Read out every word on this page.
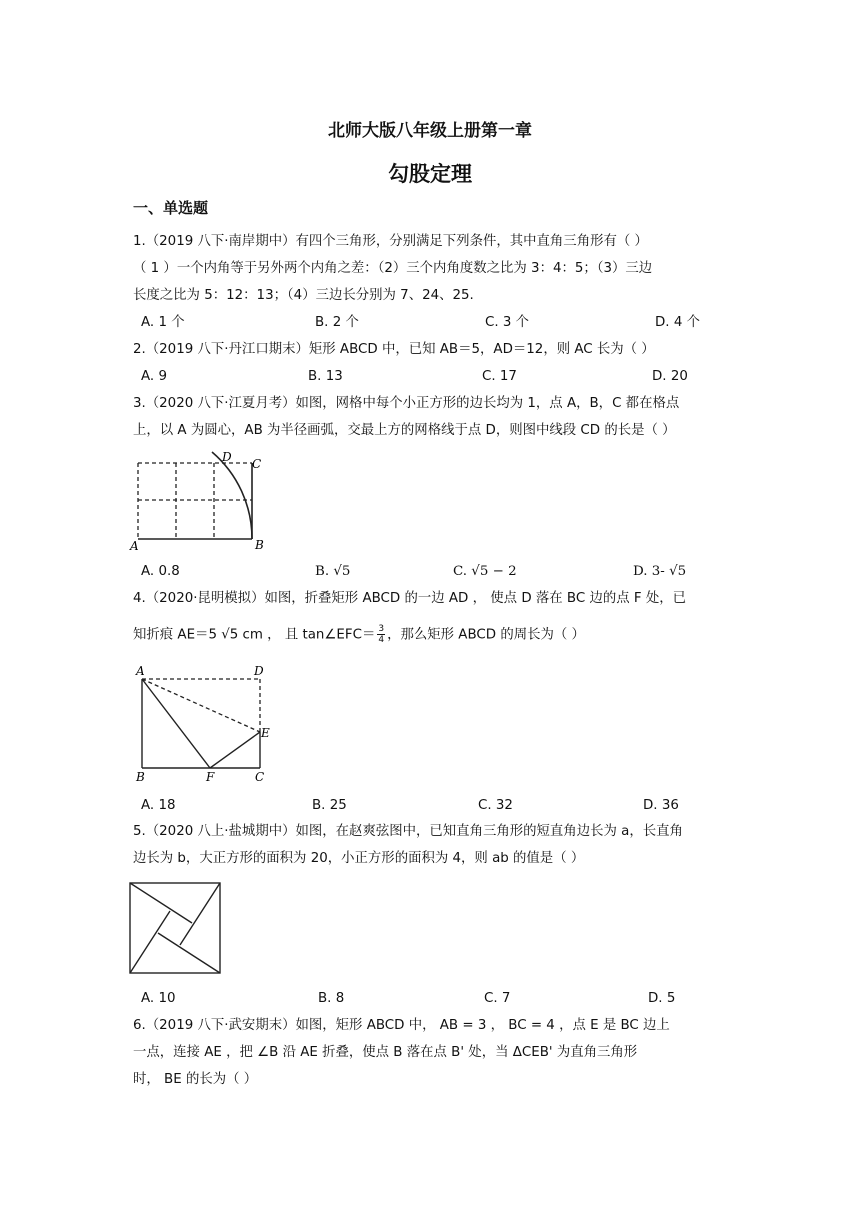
北师大版八年级上册第一章
勾股定理
一、单选题
1.（2019 八下·南岸期中）有四个三角形，分别满足下列条件，其中直角三角形有（ ）
（ 1 ）一个内角等于另外两个内角之差：（2）三个内角度数之比为 3：4：5；（3）三边
长度之比为 5：12：13；（4）三边长分别为 7、24、25.
A. 1 个	B. 2 个	C. 3 个	D. 4 个
2.（2019 八下·丹江口期末）矩形 ABCD 中，已知 AB＝5，AD＝12，则 AC 长为（ ）
A. 9	B. 13	C. 17	D. 20
3.（2020 八下·江夏月考）如图，网格中每个小正方形的边长均为 1，点 A，B，C 都在格点
上，以 A 为圆心，AB 为半径画弧，交最上方的网格线于点 D，则图中线段 CD 的长是（ ）
D C
A	B
A. 0.8	B. √5	C. √5 − 2	D. 3- √5
4.（2020·昆明模拟）如图，折叠矩形 ABCD 的一边 AD ， 使点 D 落在 BC 边的点 F 处，已
知折痕 AE＝5 √5 cm ， 且 tan∠EFC＝ $\frac{3}{4}$ ，那么矩形 ABCD 的周长为（ ）
A	D
E
B	F	C
A. 18	B. 25	C. 32	D. 36
5.（2020 八上·盐城期中）如图，在赵爽弦图中，已知直角三角形的短直角边长为 a，长直角
边长为 b，大正方形的面积为 20，小正方形的面积为 4，则 ab 的值是（ ）
A. 10	B. 8	C. 7	D. 5
6.（2019 八下·武安期末）如图，矩形 ABCD 中， AB = 3 ， BC = 4 ，点 E 是 BC 边上
一点，连接 AE ，把 ∠B 沿 AE 折叠，使点 B 落在点 B' 处，当 ΔCEB' 为直角三角形
时， BE 的长为（ ）
